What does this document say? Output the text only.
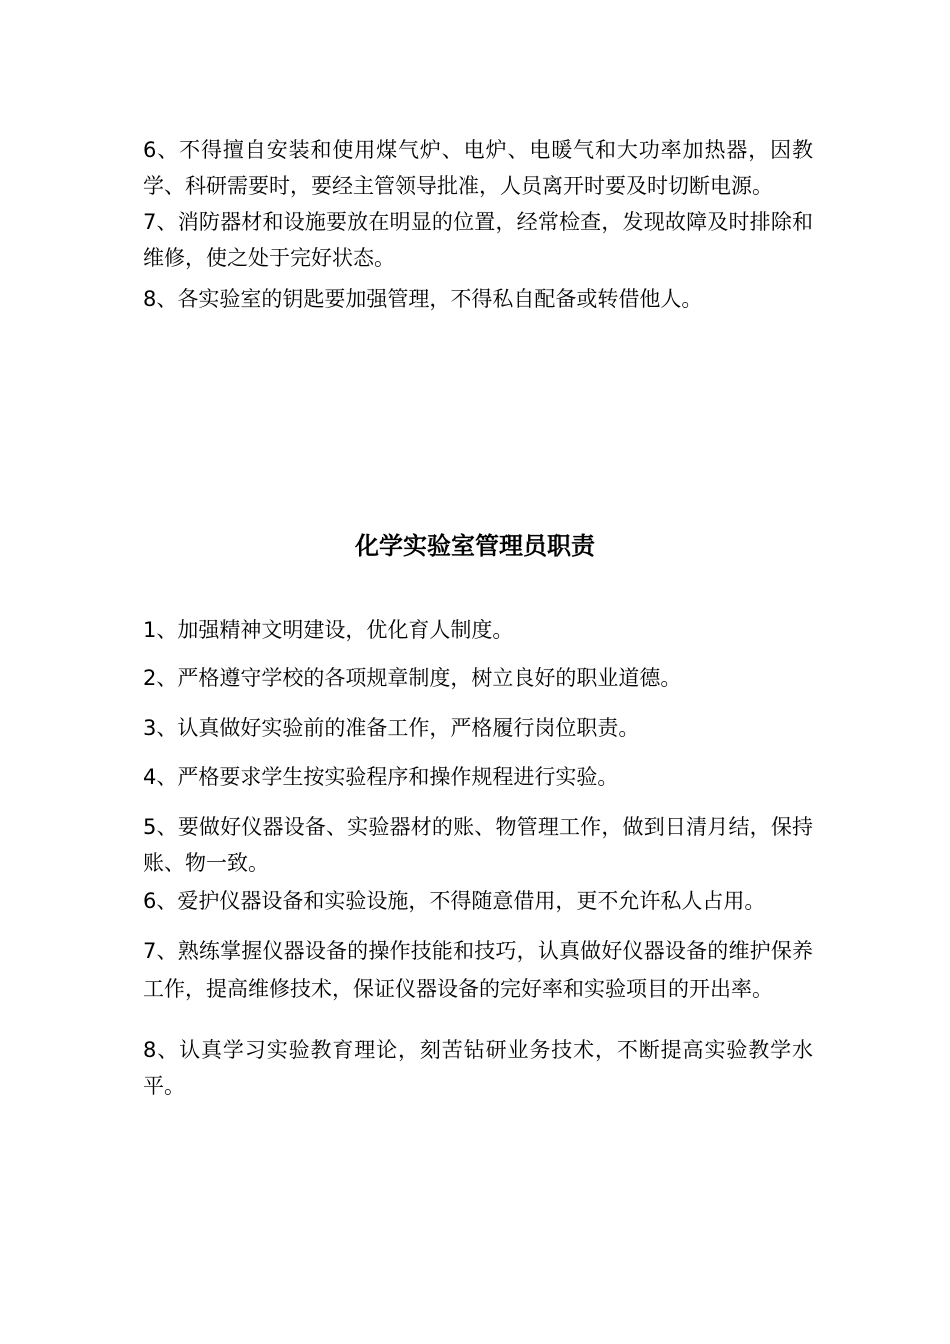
6、不得擅自安装和使用煤气炉、电炉、电暖气和大功率加热器，因教学、科研需要时，要经主管领导批准，人员离开时要及时切断电源。

7、消防器材和设施要放在明显的位置，经常检查，发现故障及时排除和维修，使之处于完好状态。

8、各实验室的钥匙要加强管理，不得私自配备或转借他人。

化学实验室管理员职责

1、加强精神文明建设，优化育人制度。

2、严格遵守学校的各项规章制度，树立良好的职业道德。

3、认真做好实验前的准备工作，严格履行岗位职责。

4、严格要求学生按实验程序和操作规程进行实验。

5、要做好仪器设备、实验器材的账、物管理工作，做到日清月结，保持账、物一致。

6、爱护仪器设备和实验设施，不得随意借用，更不允许私人占用。

7、熟练掌握仪器设备的操作技能和技巧，认真做好仪器设备的维护保养工作，提高维修技术，保证仪器设备的完好率和实验项目的开出率。

8、认真学习实验教育理论，刻苦钻研业务技术，不断提高实验教学水平。
